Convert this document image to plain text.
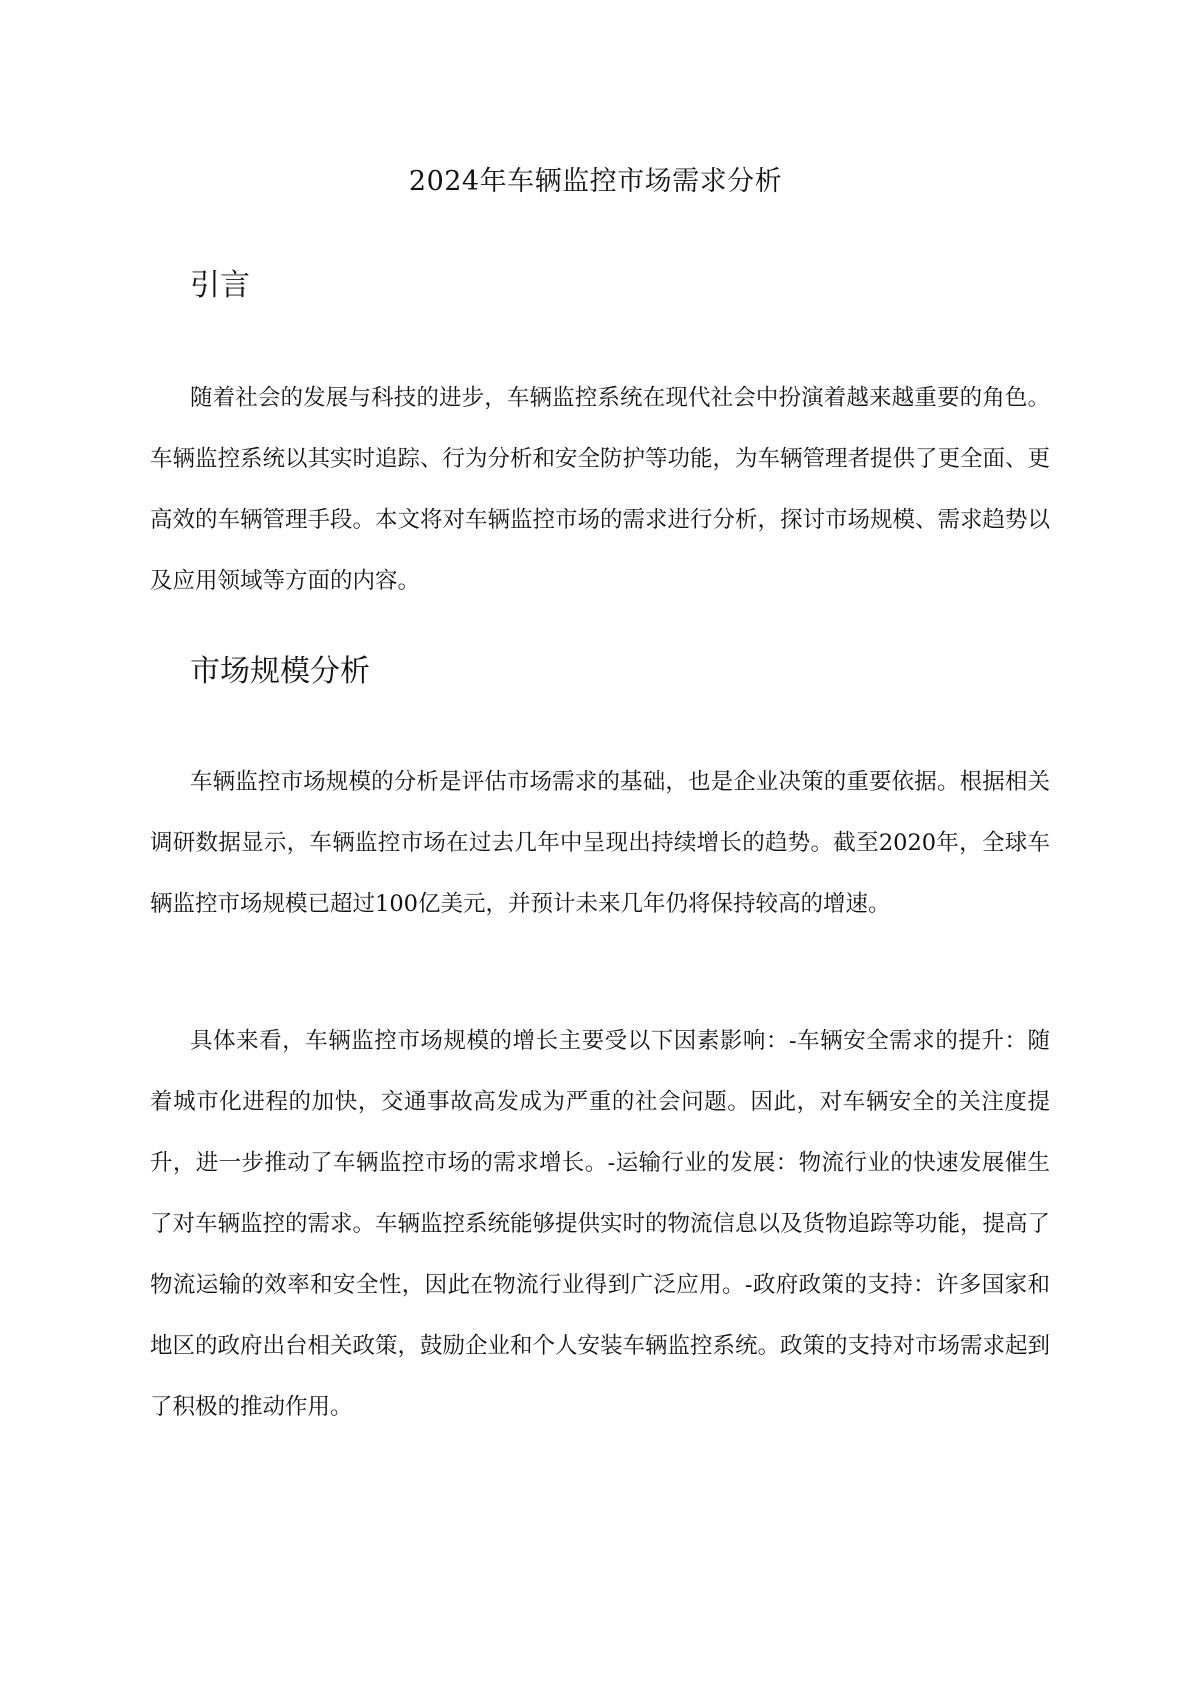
2024年车辆监控市场需求分析
引言

随着社会的发展与科技的进步，车辆监控系统在现代社会中扮演着越来越重要的角色。车辆监控系统以其实时追踪、行为分析和安全防护等功能，为车辆管理者提供了更全面、更高效的车辆管理手段。本文将对车辆监控市场的需求进行分析，探讨市场规模、需求趋势以及应用领域等方面的内容。

市场规模分析

车辆监控市场规模的分析是评估市场需求的基础，也是企业决策的重要依据。根据相关调研数据显示，车辆监控市场在过去几年中呈现出持续增长的趋势。截至2020年，全球车辆监控市场规模已超过100亿美元，并预计未来几年仍将保持较高的增速。

具体来看，车辆监控市场规模的增长主要受以下因素影响：-车辆安全需求的提升：随着城市化进程的加快，交通事故高发成为严重的社会问题。因此，对车辆安全的关注度提升，进一步推动了车辆监控市场的需求增长。-运输行业的发展：物流行业的快速发展催生了对车辆监控的需求。车辆监控系统能够提供实时的物流信息以及货物追踪等功能，提高了物流运输的效率和安全性，因此在物流行业得到广泛应用。-政府政策的支持：许多国家和地区的政府出台相关政策，鼓励企业和个人安装车辆监控系统。政策的支持对市场需求起到了积极的推动作用。
